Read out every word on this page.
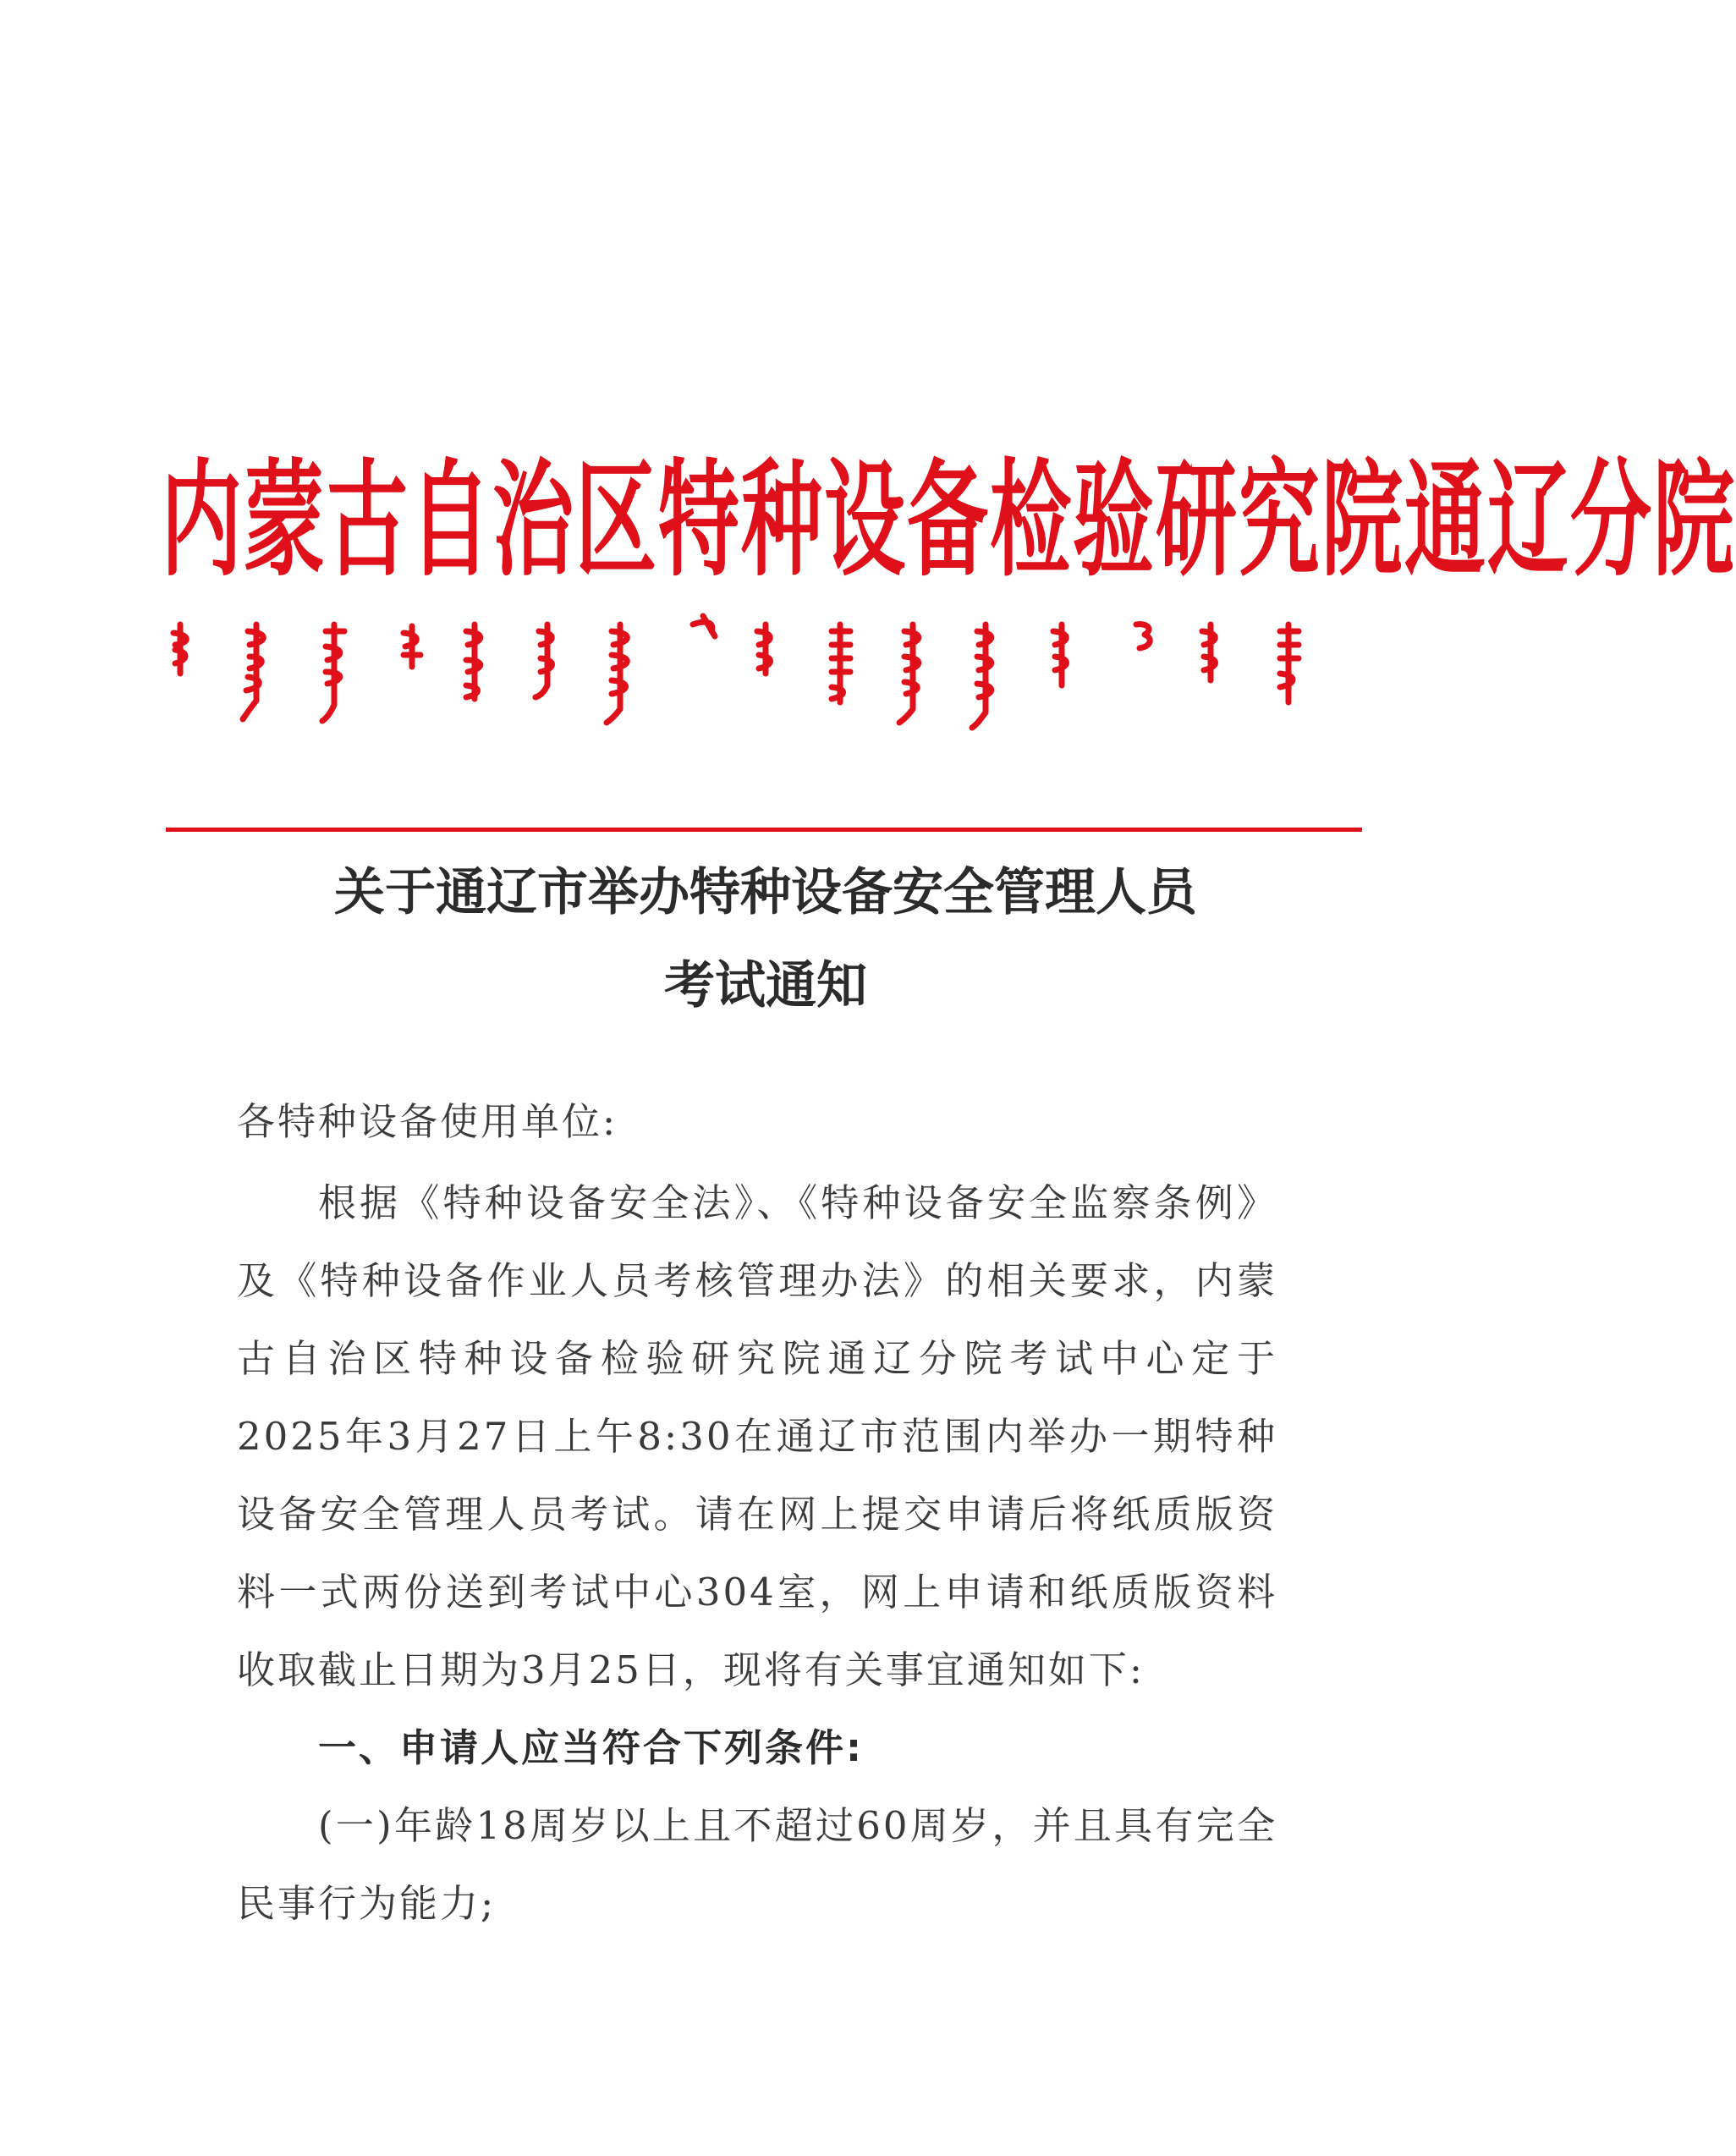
内蒙古自治区特种设备检验研究院通辽分院
关于通辽市举办特种设备安全管理人员
考试通知

各特种设备使用单位:

根据《特种设备安全法》、《特种设备安全监察条例》及《特种设备作业人员考核管理办法》的相关要求，内蒙古自治区特种设备检验研究院通辽分院考试中心定于2025年3月27日上午8:30在通辽市范围内举办一期特种设备安全管理人员考试。请在网上提交申请后将纸质版资料一式两份送到考试中心304室，网上申请和纸质版资料收取截止日期为3月25日，现将有关事宜通知如下:

一、申请人应当符合下列条件:

(一)年龄18周岁以上且不超过60周岁，并且具有完全民事行为能力;
